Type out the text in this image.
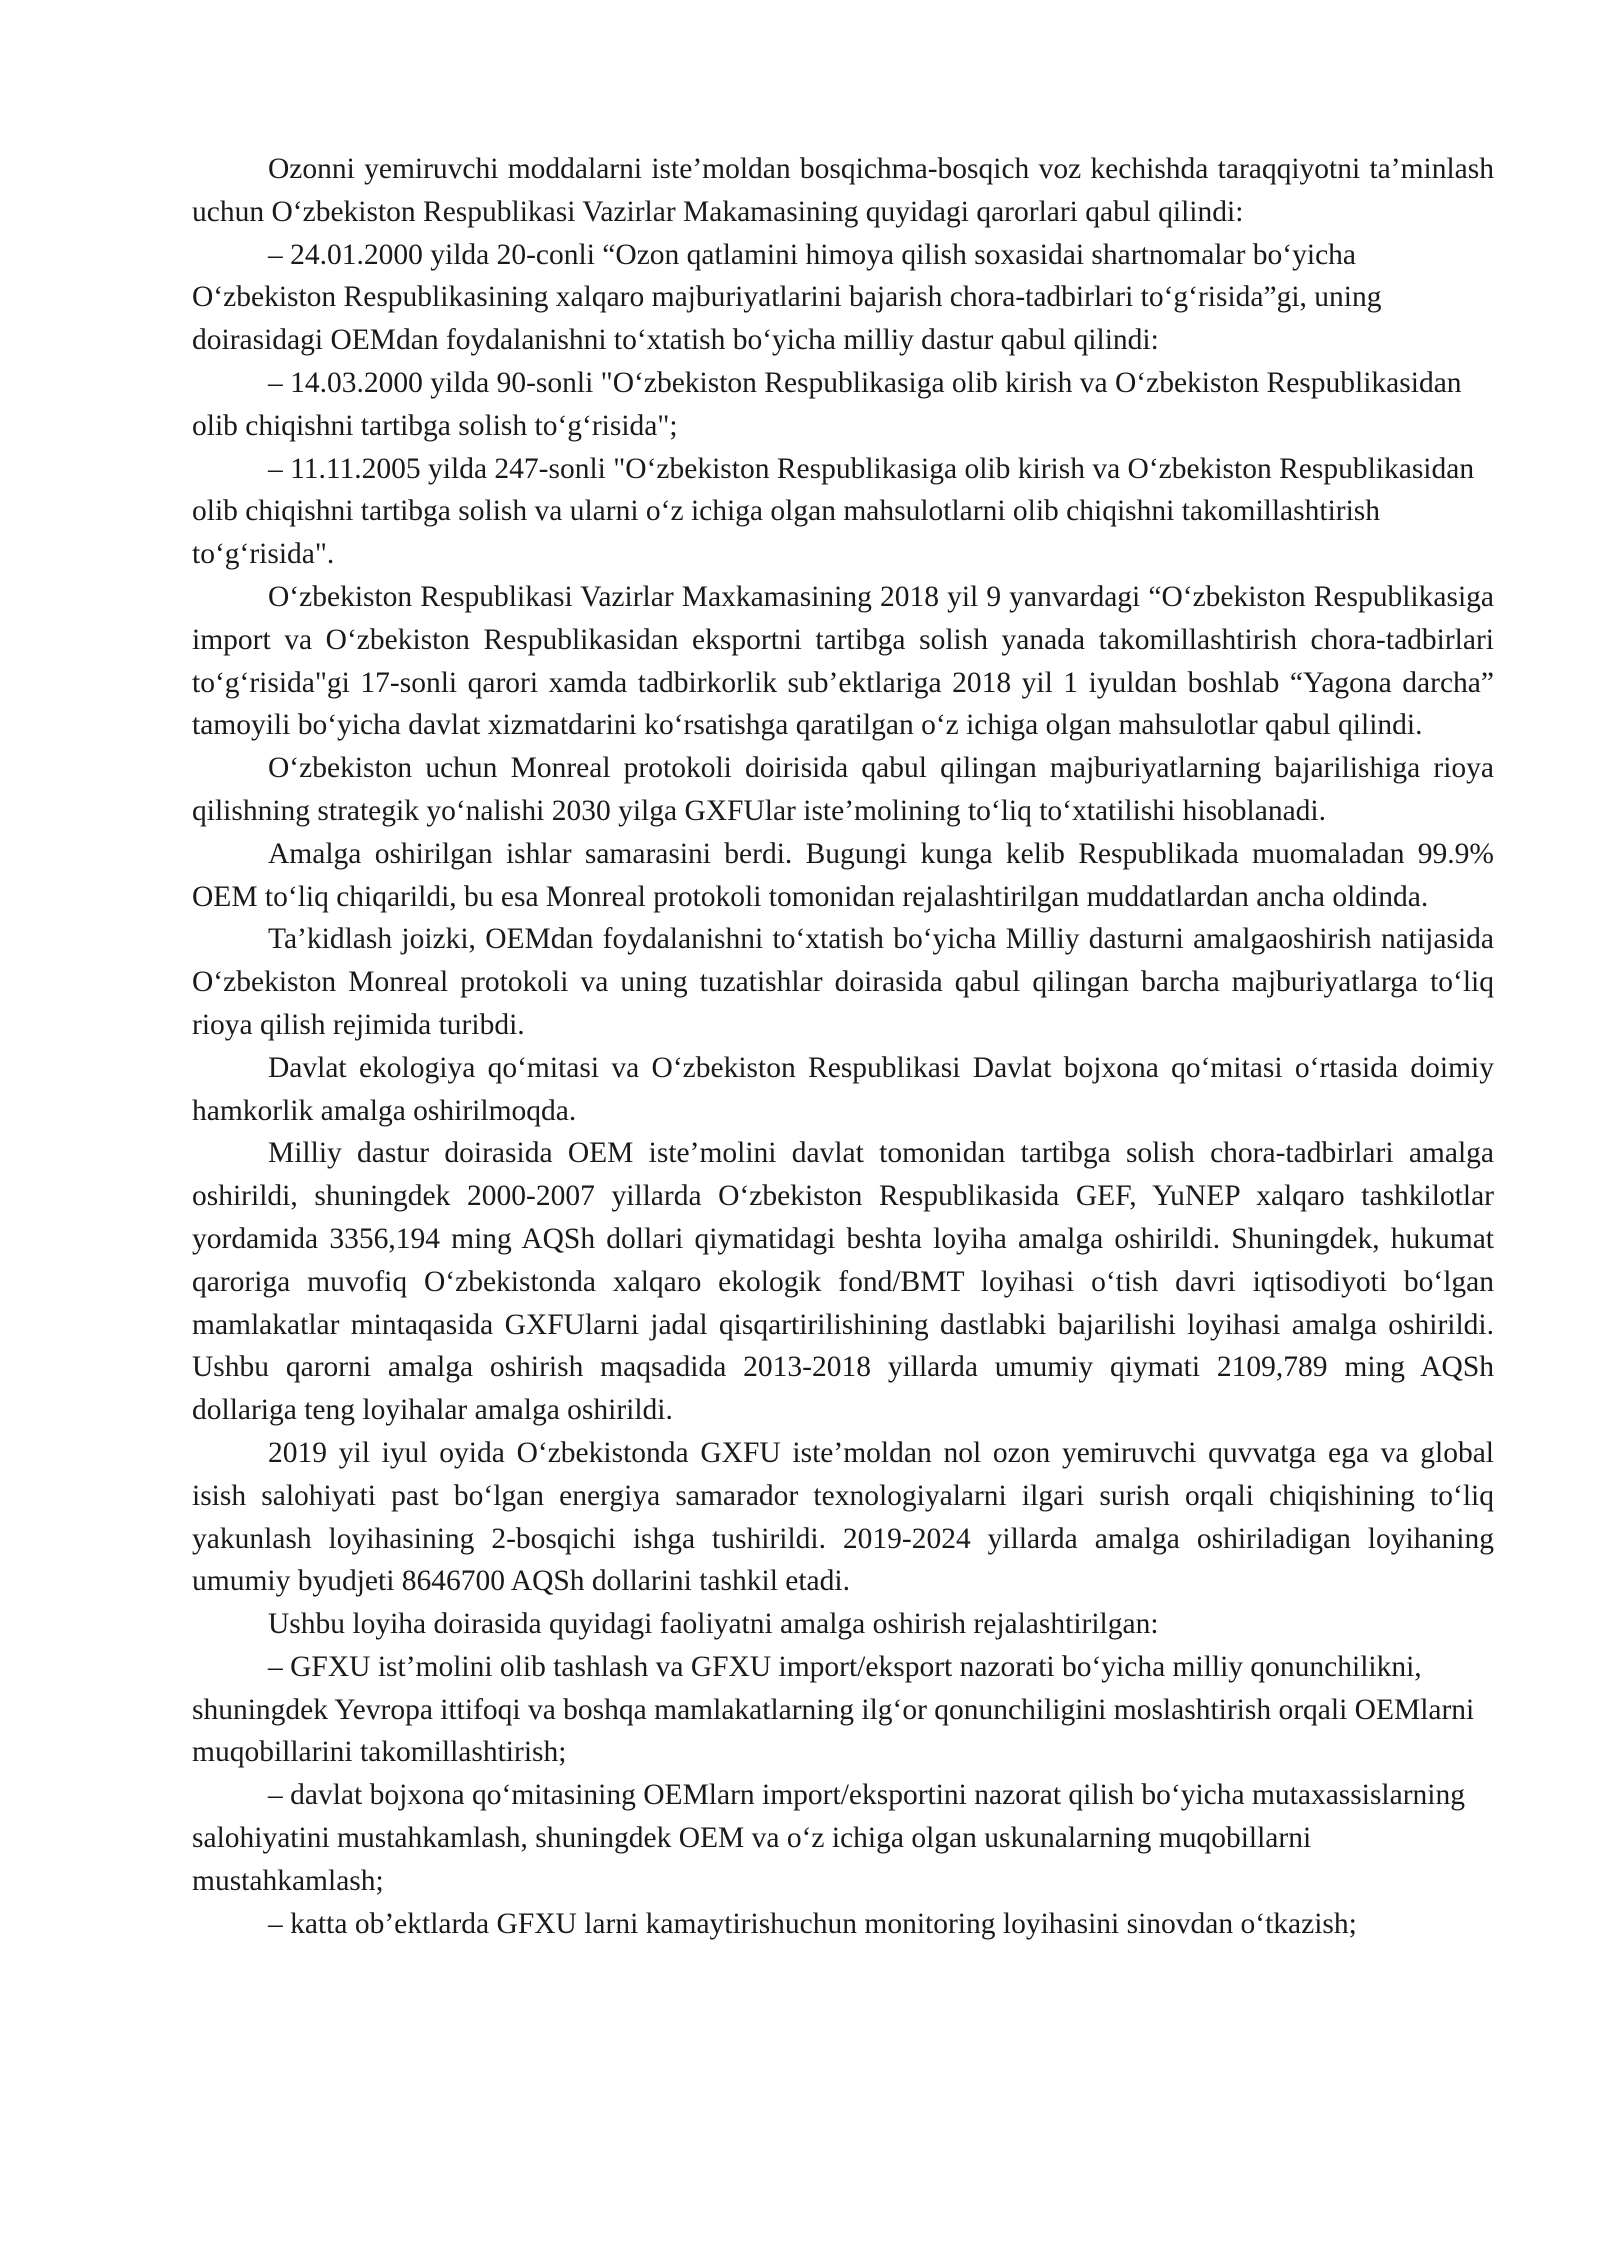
Ozonni yemiruvchi moddalarni iste’moldan bosqichma-bosqich voz kechishda taraqqiyotni ta’minlash uchun O‘zbekiston Respublikasi Vazirlar Makamasining quyidagi qarorlari qabul qilindi:

– 24.01.2000 yilda 20-conli “Ozon qatlamini himoya qilish soxasidai shartnomalar bo‘yicha O‘zbekiston Respublikasining xalqaro majburiyatlarini bajarish chora-tadbirlari to‘g‘risida”gi, uning doirasidagi OEMdan foydalanishni to‘xtatish bo‘yicha milliy dastur qabul qilindi:

– 14.03.2000 yilda 90-sonli "O‘zbekiston Respublikasiga olib kirish va O‘zbekiston Respublikasidan olib chiqishni tartibga solish to‘g‘risida";

– 11.11.2005 yilda 247-sonli "O‘zbekiston Respublikasiga olib kirish va O‘zbekiston Respublikasidan olib chiqishni tartibga solish va ularni o‘z ichiga olgan mahsulotlarni olib chiqishni takomillashtirish to‘g‘risida".

O‘zbekiston Respublikasi Vazirlar Maxkamasining 2018 yil 9 yanvardagi “O‘zbekiston Respublikasiga import va O‘zbekiston Respublikasidan eksportni tartibga solish yanada takomillashtirish chora-tadbirlari to‘g‘risida"gi 17-sonli qarori xamda tadbirkorlik sub’ektlariga 2018 yil 1 iyuldan boshlab “Yagona darcha” tamoyili bo‘yicha davlat xizmatdarini ko‘rsatishga qaratilgan o‘z ichiga olgan mahsulotlar qabul qilindi.

O‘zbekiston uchun Monreal protokoli doirisida qabul qilingan majburiyatlarning bajarilishiga rioya qilishning strategik yo‘nalishi 2030 yilga GXFUlar iste’molining to‘liq to‘xtatilishi hisoblanadi.

Amalga oshirilgan ishlar samarasini berdi. Bugungi kunga kelib Respublikada muomaladan 99.9% OEM to‘liq chiqarildi, bu esa Monreal protokoli tomonidan rejalashtirilgan muddatlardan ancha oldinda.

Ta’kidlash joizki, OEMdan foydalanishni to‘xtatish bo‘yicha Milliy dasturni amalgaoshirish natijasida O‘zbekiston Monreal protokoli va uning tuzatishlar doirasida qabul qilingan barcha majburiyatlarga to‘liq rioya qilish rejimida turibdi.

Davlat ekologiya qo‘mitasi va O‘zbekiston Respublikasi Davlat bojxona qo‘mitasi o‘rtasida doimiy hamkorlik amalga oshirilmoqda.

Milliy dastur doirasida OEM iste’molini davlat tomonidan tartibga solish chora-tadbirlari amalga oshirildi, shuningdek 2000-2007 yillarda O‘zbekiston Respublikasida GEF, YuNEP xalqaro tashkilotlar yordamida 3356,194 ming AQSh dollari qiymatidagi beshta loyiha amalga oshirildi. Shuningdek, hukumat qaroriga muvofiq O‘zbekistonda xalqaro ekologik fond/BMT loyihasi o‘tish davri iqtisodiyoti bo‘lgan mamlakatlar mintaqasida GXFUlarni jadal qisqartirilishining dastlabki bajarilishi loyihasi amalga oshirildi. Ushbu qarorni amalga oshirish maqsadida 2013-2018 yillarda umumiy qiymati 2109,789 ming AQSh dollariga teng loyihalar amalga oshirildi.

2019 yil iyul oyida O‘zbekistonda GXFU iste’moldan nol ozon yemiruvchi quvvatga ega va global isish salohiyati past bo‘lgan energiya samarador texnologiyalarni ilgari surish orqali chiqishining to‘liq yakunlash loyihasining 2-bosqichi ishga tushirildi. 2019-2024 yillarda amalga oshiriladigan loyihaning umumiy byudjeti 8646700 AQSh dollarini tashkil etadi.

Ushbu loyiha doirasida quyidagi faoliyatni amalga oshirish rejalashtirilgan:

– GFXU ist’molini olib tashlash va GFXU import/eksport nazorati bo‘yicha milliy qonunchilikni, shuningdek Yevropa ittifoqi va boshqa mamlakatlarning ilg‘or qonunchiligini moslashtirish orqali OEMlarni muqobillarini takomillashtirish;

– davlat bojxona qo‘mitasining OEMlarn import/eksportini nazorat qilish bo‘yicha mutaxassislarning salohiyatini mustahkamlash, shuningdek OEM va o‘z ichiga olgan uskunalarning muqobillarni mustahkamlash;

– katta ob’ektlarda GFXU larni kamaytirishuchun monitoring loyihasini sinovdan o‘tkazish;
